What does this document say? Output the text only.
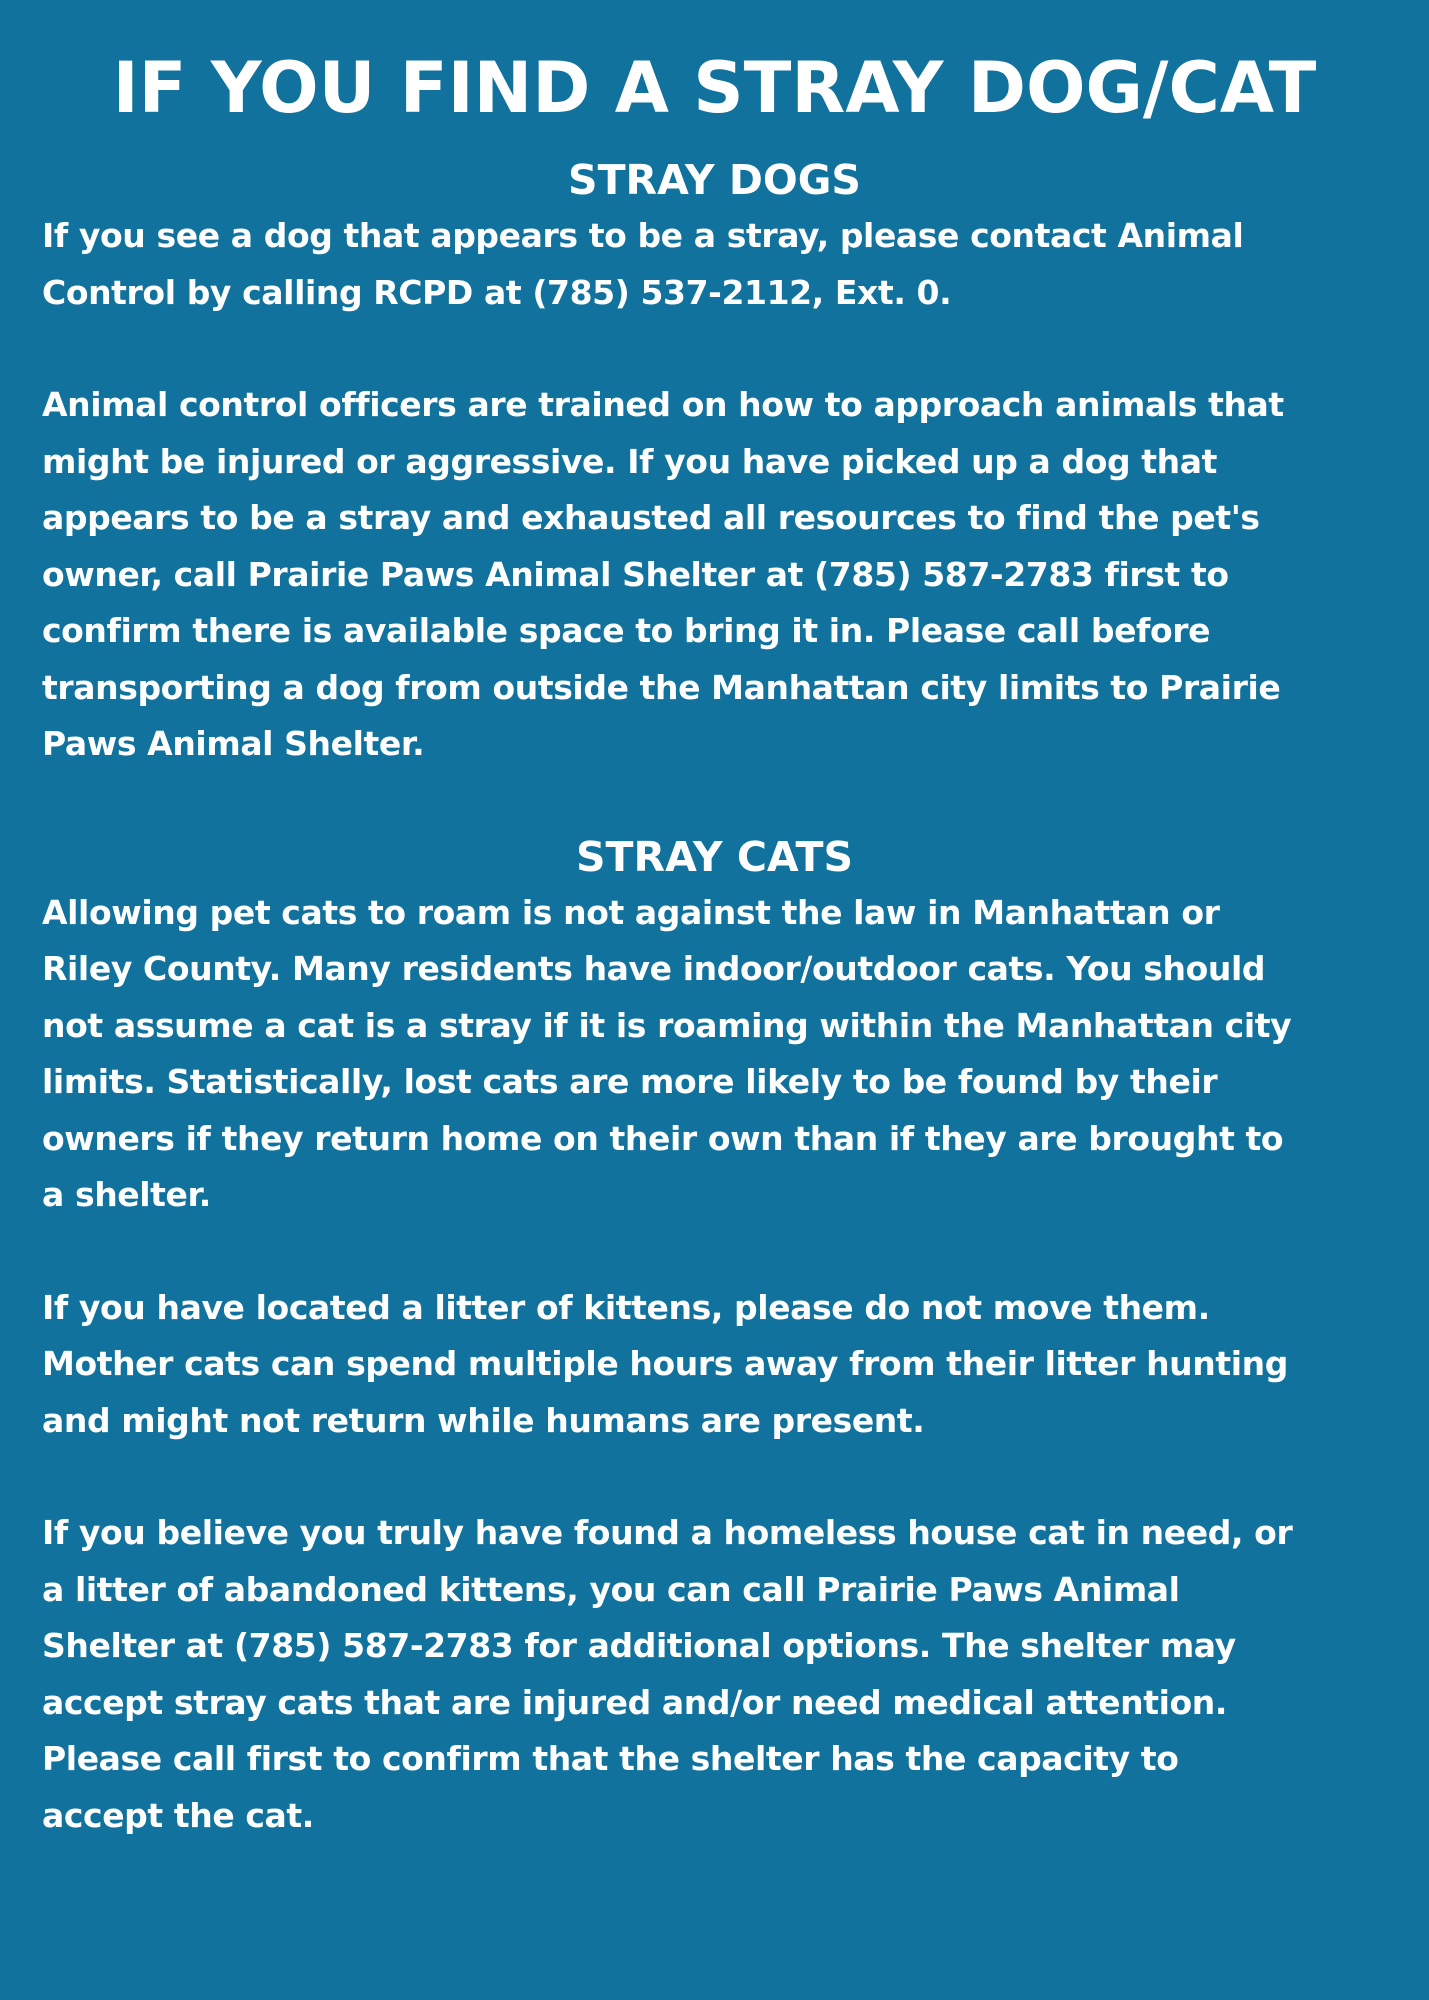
IF YOU FIND A STRAY DOG/CAT
STRAY DOGS

If you see a dog that appears to be a stray, please contact Animal
Control by calling RCPD at (785) 537-2112, Ext. 0.

Animal control officers are trained on how to approach animals that
might be injured or aggressive. If you have picked up a dog that
appears to be a stray and exhausted all resources to find the pet's
owner, call Prairie Paws Animal Shelter at (785) 587-2783 first to
confirm there is available space to bring it in. Please call before
transporting a dog from outside the Manhattan city limits to Prairie
Paws Animal Shelter.

STRAY CATS

Allowing pet cats to roam is not against the law in Manhattan or
Riley County. Many residents have indoor/outdoor cats. You should
not assume a cat is a stray if it is roaming within the Manhattan city
limits. Statistically, lost cats are more likely to be found by their
owners if they return home on their own than if they are brought to
a shelter.

If you have located a litter of kittens, please do not move them.
Mother cats can spend multiple hours away from their litter hunting
and might not return while humans are present.

If you believe you truly have found a homeless house cat in need, or
a litter of abandoned kittens, you can call Prairie Paws Animal
Shelter at (785) 587-2783 for additional options. The shelter may
accept stray cats that are injured and/or need medical attention.
Please call first to confirm that the shelter has the capacity to
accept the cat.
